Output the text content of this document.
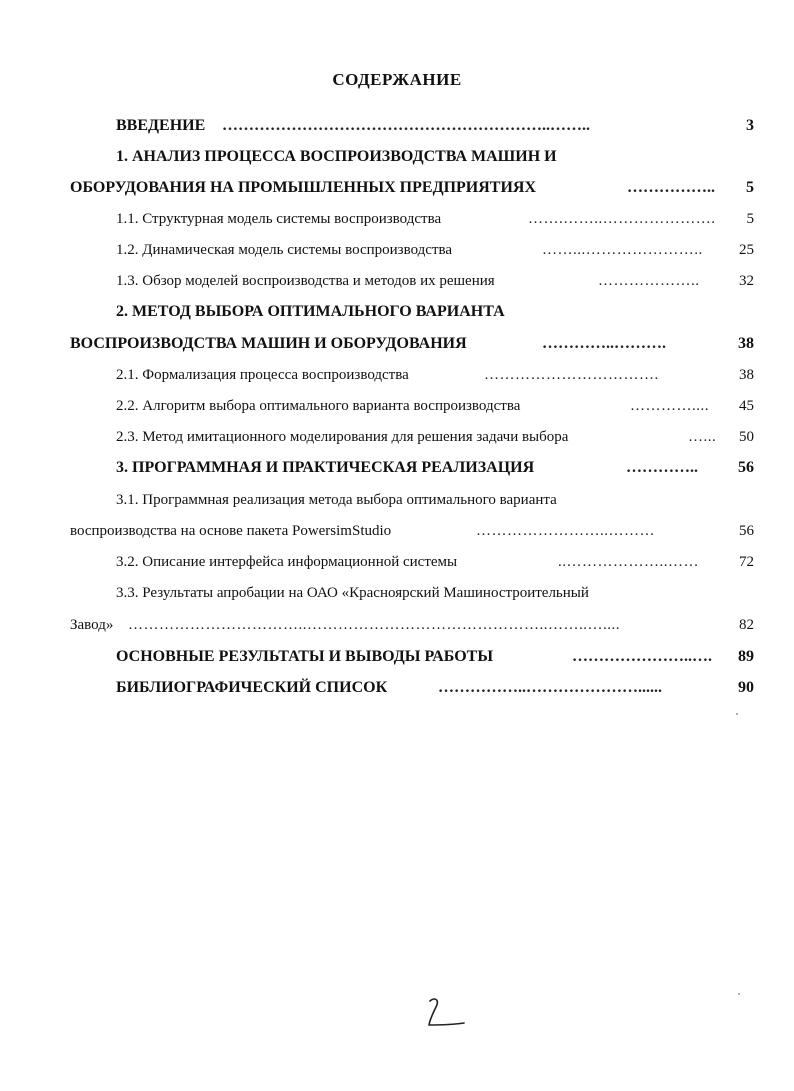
СОДЕРЖАНИЕ
ВВЕДЕНИЕ ……………………………………………………..……..	3
1. АНАЛИЗ ПРОЦЕССА ВОСПРОИЗВОДСТВА МАШИН И
ОБОРУДОВАНИЯ НА ПРОМЫШЛЕННЫХ ПРЕДПРИЯТИЯХ	……………..	5
1.1. Структурная модель системы воспроизводства	…….……..………………….	5
1.2. Динамическая модель системы воспроизводства	……...…………………..	25
1.3. Обзор моделей воспроизводства и методов их решения	………………..	32
2. МЕТОД ВЫБОРА ОПТИМАЛЬНОГО ВАРИАНТА
ВОСПРОИЗВОДСТВА МАШИН И ОБОРУДОВАНИЯ	…………..……….	38
2.1. Формализация процесса воспроизводства	…………………………….	38
2.2. Алгоритм выбора оптимального варианта воспроизводства	…………....	45
2.3. Метод имитационного моделирования для решения задачи выбора	…...	50
3. ПРОГРАММНАЯ И ПРАКТИЧЕСКАЯ РЕАЛИЗАЦИЯ	…………..	56
3.1. Программная реализация метода выбора оптимального варианта
воспроизводства на основе пакета PowersimStudio	……………………..………	56
3.2. Описание интерфейса информационной системы	..………………..……	72
3.3. Результаты апробации на ОАО «Красноярский Машиностроительный
Завод» ……………………………..………………………………………..……..…....	82
ОСНОВНЫЕ РЕЗУЛЬТАТЫ И ВЫВОДЫ РАБОТЫ	…………………..….	89
БИБЛИОГРАФИЧЕСКИЙ СПИСОК	……………..…………………......	90
